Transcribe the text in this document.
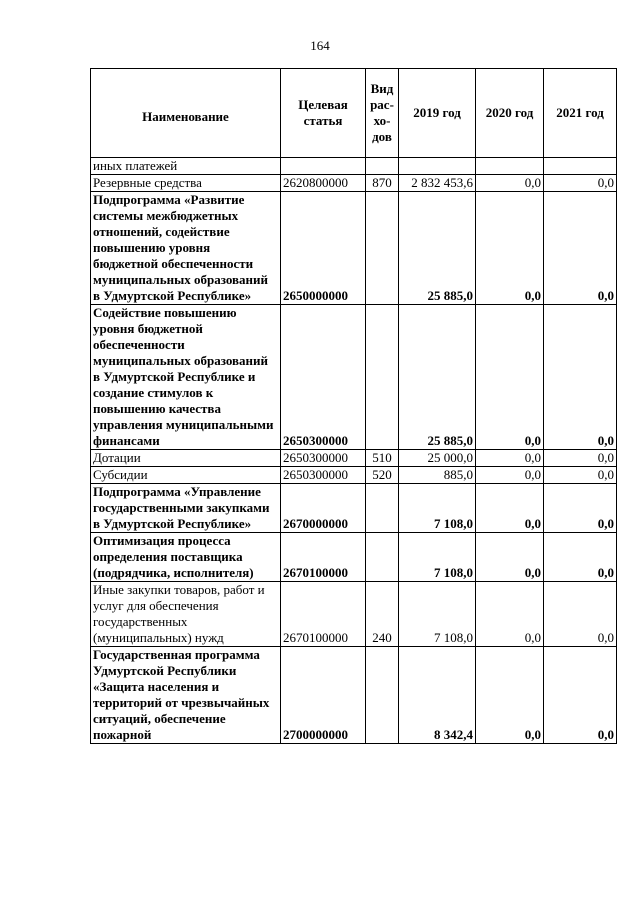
164
Наименование	Целевая статья	Вид рас-хо-дов	2019 год	2020 год	2021 год
иных платежей					
Резервные средства	2620800000	870	2 832 453,6	0,0	0,0
Подпрограмма «Развитие системы межбюджетных отношений, содействие повышению уровня бюджетной обеспеченности муниципальных образований в Удмуртской Республике»	2650000000		25 885,0	0,0	0,0
Содействие повышению уровня бюджетной обеспеченности муниципальных образований в Удмуртской Республике и создание стимулов к повышению качества управления муниципальными финансами	2650300000		25 885,0	0,0	0,0
Дотации	2650300000	510	25 000,0	0,0	0,0
Субсидии	2650300000	520	885,0	0,0	0,0
Подпрограмма «Управление государственными закупками в Удмуртской Республике»	2670000000		7 108,0	0,0	0,0
Оптимизация процесса определения поставщика (подрядчика, исполнителя)	2670100000		7 108,0	0,0	0,0
Иные закупки товаров, работ и услуг для обеспечения государственных (муниципальных) нужд	2670100000	240	7 108,0	0,0	0,0
Государственная программа Удмуртской Республики «Защита населения и территорий от чрезвычайных ситуаций, обеспечение пожарной	2700000000		8 342,4	0,0	0,0
